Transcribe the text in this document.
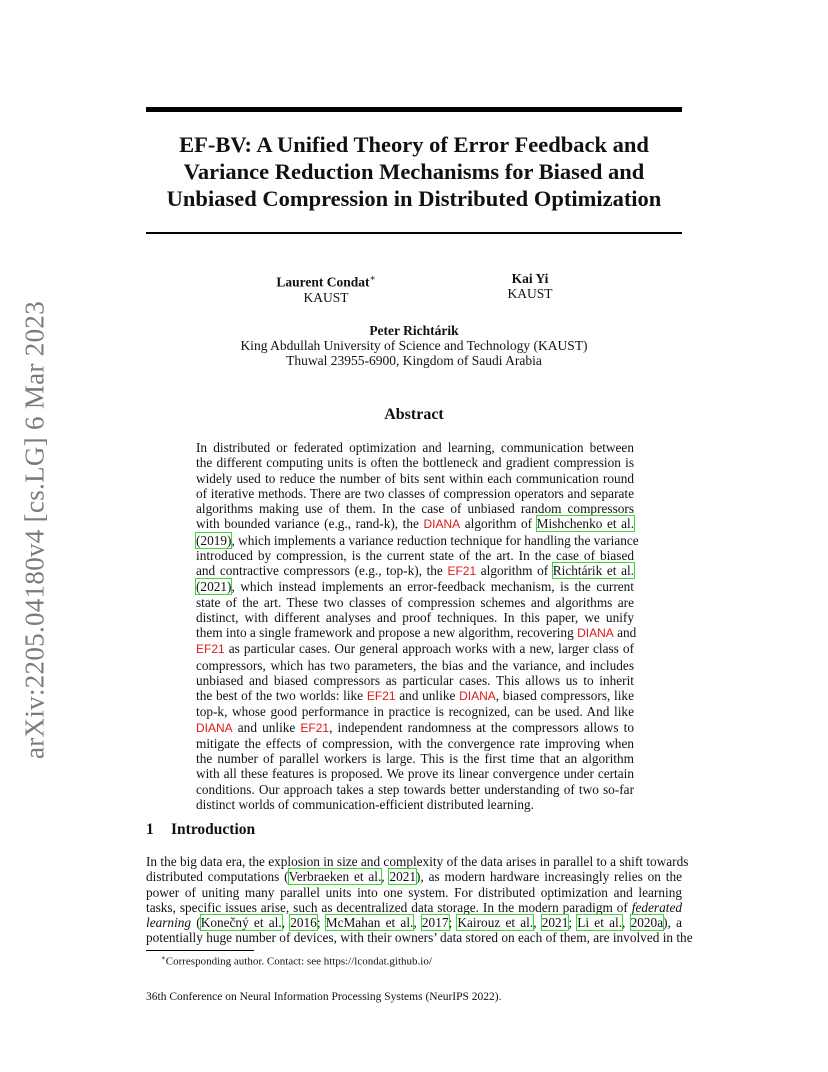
arXiv:2205.04180v4 [cs.LG] 6 Mar 2023
EF-BV: A Unified Theory of Error Feedback and
Variance Reduction Mechanisms for Biased and
Unbiased Compression in Distributed Optimization
Laurent Condat∗
KAUST
Kai Yi
KAUST
Peter Richtárik
King Abdullah University of Science and Technology (KAUST)
Thuwal 23955-6900, Kingdom of Saudi Arabia
Abstract
In distributed or federated optimization and learning, communication between
the different computing units is often the bottleneck and gradient compression is
widely used to reduce the number of bits sent within each communication round
of iterative methods. There are two classes of compression operators and separate
algorithms making use of them. In the case of unbiased random compressors
with bounded variance (e.g., rand-k), the DIANA algorithm of Mishchenko et al.
(2019), which implements a variance reduction technique for handling the variance
introduced by compression, is the current state of the art. In the case of biased
and contractive compressors (e.g., top-k), the EF21 algorithm of Richtárik et al.
(2021), which instead implements an error-feedback mechanism, is the current
state of the art. These two classes of compression schemes and algorithms are
distinct, with different analyses and proof techniques. In this paper, we unify
them into a single framework and propose a new algorithm, recovering DIANA and
EF21 as particular cases. Our general approach works with a new, larger class of
compressors, which has two parameters, the bias and the variance, and includes
unbiased and biased compressors as particular cases. This allows us to inherit
the best of the two worlds: like EF21 and unlike DIANA, biased compressors, like
top-k, whose good performance in practice is recognized, can be used. And like
DIANA and unlike EF21, independent randomness at the compressors allows to
mitigate the effects of compression, with the convergence rate improving when
the number of parallel workers is large. This is the first time that an algorithm
with all these features is proposed. We prove its linear convergence under certain
conditions. Our approach takes a step towards better understanding of two so-far
distinct worlds of communication-efficient distributed learning.
1 Introduction
In the big data era, the explosion in size and complexity of the data arises in parallel to a shift towards
distributed computations (Verbraeken et al., 2021), as modern hardware increasingly relies on the
power of uniting many parallel units into one system. For distributed optimization and learning
tasks, specific issues arise, such as decentralized data storage. In the modern paradigm of federated
learning (Konečný et al., 2016; McMahan et al., 2017; Kairouz et al., 2021; Li et al., 2020a), a
potentially huge number of devices, with their owners’ data stored on each of them, are involved in the
∗Corresponding author. Contact: see https://lcondat.github.io/
36th Conference on Neural Information Processing Systems (NeurIPS 2022).
